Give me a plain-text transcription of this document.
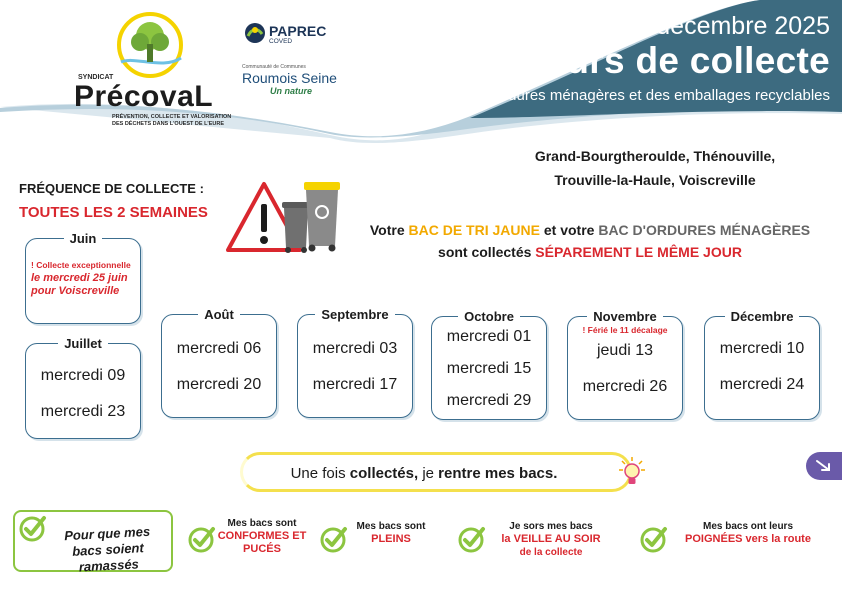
Juillet à décembre 2025
Jours de collecte
des ordures ménagères et des emballages recyclables
SYNDICAT
PrécovaL
PRÉVENTION, COLLECTE ET VALORISATION DES DÉCHETS DANS L'OUEST DE L'EURE
PAPREC
COVED
Communauté de Communes
Roumois Seine
Un nature
Grand-Bourgtheroulde, Thénouville,
Trouville-la-Haule, Voiscreville
FRÉQUENCE DE COLLECTE :
TOUTES LES 2 SEMAINES
Votre BAC DE TRI JAUNE et votre BAC D'ORDURES MÉNAGÈRES
sont collectés SÉPAREMENT LE MÊME JOUR
Juin
! Collecte exceptionnelle
le mercredi 25 juin
pour Voiscreville
Juillet
mercredi 09
mercredi 23
Août
mercredi 06
mercredi 20
Septembre
mercredi 03
mercredi 17
Octobre
mercredi 01
mercredi 15
mercredi 29
Novembre
! Férié le 11 décalage
jeudi 13
mercredi 26
Décembre
mercredi 10
mercredi 24
Une fois collectés, je rentre mes bacs.
Pour que mes bacs soient ramassés
Mes bacs sont
CONFORMES ET PUCÉS
Mes bacs sont
PLEINS
Je sors mes bacs
la VEILLE AU SOIR
de la collecte
Mes bacs ont leurs
POIGNÉES vers la route
